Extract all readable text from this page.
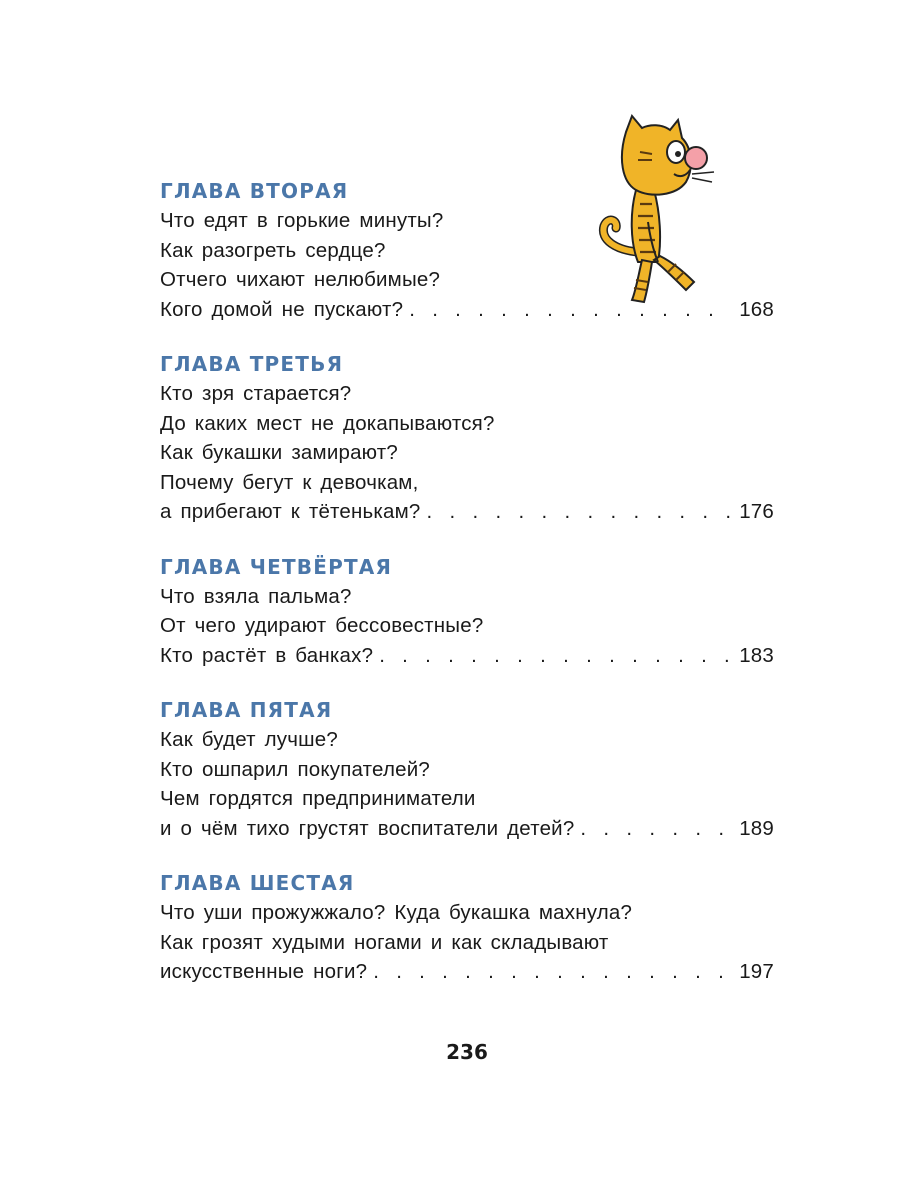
ГЛАВА ВТОРАЯ
Что едят в горькие минуты?
Как разогреть сердце?
Отчего чихают нелюбимые?
Кого домой не пускают? . . .	168
ГЛАВА ТРЕТЬЯ
Кто зря старается?
До каких мест не докапываются?
Как букашки замирают?
Почему бегут к девочкам,
а прибегают к тётенькам? . . .	176
ГЛАВА ЧЕТВЁРТАЯ
Что взяла пальма?
От чего удирают бессовестные?
Кто растёт в банках? . . .	183
ГЛАВА ПЯТАЯ
Как будет лучше?
Кто ошпарил покупателей?
Чем гордятся предприниматели
и о чём тихо грустят воспитатели детей? . . .	189
ГЛАВА ШЕСТАЯ
Что уши прожужжало? Куда букашка махнула?
Как грозят худыми ногами и как складывают
искусственные ноги? . . .	197
236
